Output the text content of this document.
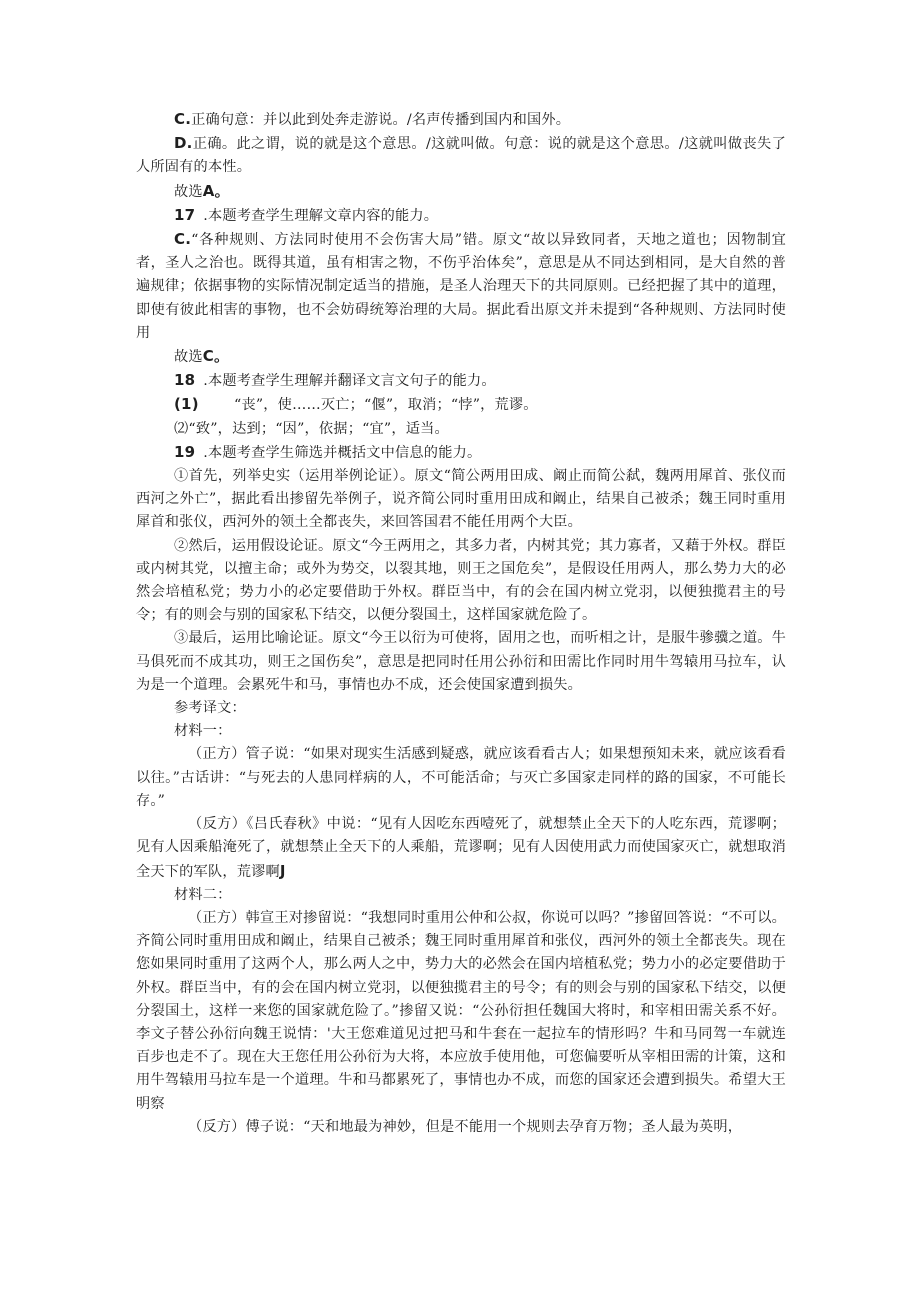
C.正确句意：并以此到处奔走游说。/名声传播到国内和国外。

D.正确。此之谓，说的就是这个意思。/这就叫做。句意：说的就是这个意思。/这就叫做丧失了人所固有的本性。

故选A。

17 .本题考查学生理解文章内容的能力。

C.“各种规则、方法同时使用不会伤害大局”错。原文“故以异致同者，天地之道也；因物制宜者，圣人之治也。既得其道，虽有相害之物，不伤乎治体矣”，意思是从不同达到相同，是大自然的普遍规律；依据事物的实际情况制定适当的措施，是圣人治理天下的共同原则。已经把握了其中的道理，即使有彼此相害的事物，也不会妨碍统筹治理的大局。据此看出原文并未提到“各种规则、方法同时使用

故选C。

18 .本题考查学生理解并翻译文言文句子的能力。

(1) “丧”，使……灭亡；“偃”，取消；“悖”，荒谬。

⑵“致”，达到；“因”，依据；“宜”，适当。

19 .本题考查学生筛选并概括文中信息的能力。

①首先，列举史实（运用举例论证）。原文“简公两用田成、阚止而简公弑，魏两用犀首、张仪而西河之外亡”，据此看出掺留先举例子，说齐简公同时重用田成和阚止，结果自己被杀；魏王同时重用犀首和张仪，西河外的领土全都丧失，来回答国君不能任用两个大臣。

②然后，运用假设论证。原文“今王两用之，其多力者，内树其党；其力寡者，又藉于外权。群臣或内树其党，以擅主命；或外为势交，以裂其地，则王之国危矣”，是假设任用两人，那么势力大的必然会培植私党；势力小的必定要借助于外权。群臣当中，有的会在国内树立党羽，以便独揽君主的号令；有的则会与别的国家私下结交，以便分裂国土，这样国家就危险了。

③最后，运用比喻论证。原文“今王以衍为可使将，固用之也，而听相之计，是服牛骖骥之道。牛马俱死而不成其功，则王之国伤矣”，意思是把同时任用公孙衍和田需比作同时用牛驾辕用马拉车，认为是一个道理。会累死牛和马，事情也办不成，还会使国家遭到损失。

参考译文：

材料一：

（正方）管子说：“如果对现实生活感到疑惑，就应该看看古人；如果想预知未来，就应该看看以往。”古话讲：“与死去的人患同样病的人，不可能活命；与灭亡多国家走同样的路的国家，不可能长存。”

（反方）《吕氏春秋》中说：“见有人因吃东西噎死了，就想禁止全天下的人吃东西，荒谬啊；见有人因乘船淹死了，就想禁止全天下的人乘船，荒谬啊；见有人因使用武力而使国家灭亡，就想取消全天下的军队，荒谬啊J

材料二：

（正方）韩宣王对掺留说：“我想同时重用公仲和公叔，你说可以吗？”掺留回答说：“不可以。齐简公同时重用田成和阚止，结果自己被杀；魏王同时重用犀首和张仪，西河外的领土全都丧失。现在您如果同时重用了这两个人，那么两人之中，势力大的必然会在国内培植私党；势力小的必定要借助于外权。群臣当中，有的会在国内树立党羽，以便独揽君主的号令；有的则会与别的国家私下结交，以便分裂国土，这样一来您的国家就危险了。”掺留又说：“公孙衍担任魏国大将时，和宰相田需关系不好。李文子替公孙衍向魏王说情：'大王您难道见过把马和牛套在一起拉车的情形吗？牛和马同驾一车就连百步也走不了。现在大王您任用公孙衍为大将，本应放手使用他，可您偏要听从宰相田需的计策，这和用牛驾辕用马拉车是一个道理。牛和马都累死了，事情也办不成，而您的国家还会遭到损失。希望大王明察

（反方）傅子说：“天和地最为神妙，但是不能用一个规则去孕育万物；圣人最为英明，
